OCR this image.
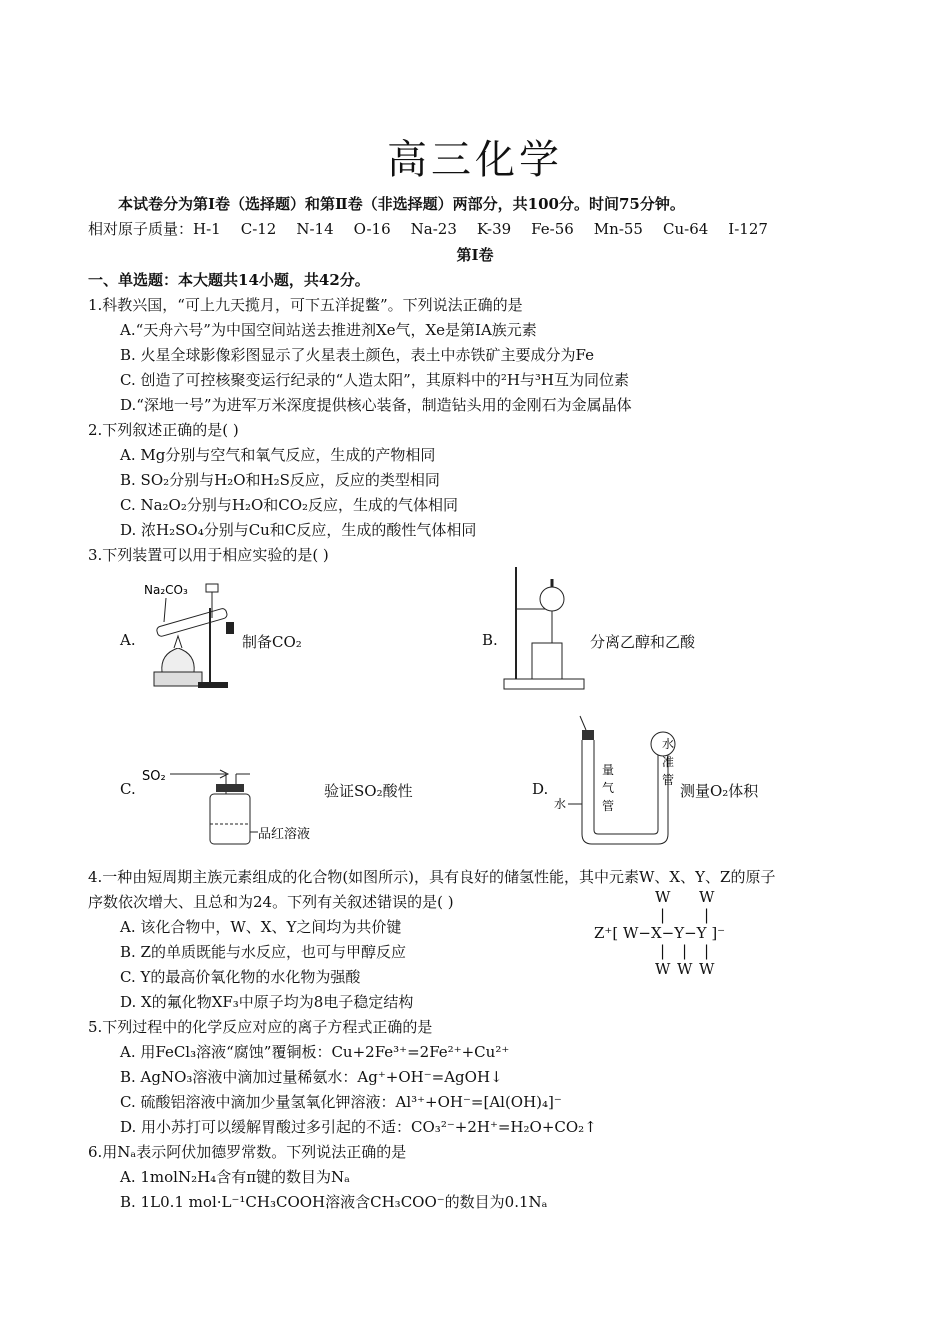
高三化学
本试卷分为第Ⅰ卷（选择题）和第Ⅱ卷（非选择题）两部分，共100分。时间75分钟。
相对原子质量：H-1 C-12 N-14 O-16 Na-23 K-39 Fe-56 Mn-55 Cu-64 I-127
第Ⅰ卷
一、单选题：本大题共14小题，共42分。
1.科教兴国，“可上九天揽月，可下五洋捉鳖”。下列说法正确的是
A.“天舟六号”为中国空间站送去推进剂Xe气，Xe是第ⅠA族元素
B. 火星全球影像彩图显示了火星表土颜色，表土中赤铁矿主要成分为Fe
C. 创造了可控核聚变运行纪录的“人造太阳”，其原料中的²H与³H互为同位素
D.“深地一号”为进军万米深度提供核心装备，制造钻头用的金刚石为金属晶体
2.下列叙述正确的是( )
A. Mg分别与空气和氧气反应，生成的产物相同
B. SO₂分别与H₂O和H₂S反应，反应的类型相同
C. Na₂O₂分别与H₂O和CO₂反应，生成的气体相同
D. 浓H₂SO₄分别与Cu和C反应，生成的酸性气体相同
3.下列装置可以用于相应实验的是( )
A.
Na₂CO₃
制备CO₂	B.	分离乙醇和乙酸
C.
SO₂
品红溶液
验证SO₂酸性	D.
水
量
气
管
水
准
管
测量O₂体积
4.一种由短周期主族元素组成的化合物(如图所示)，具有良好的储氢性能，其中元素W、X、Y、Z的原子
序数依次增大、且总和为24。下列有关叙述错误的是( )
A. 该化合物中，W、X、Y之间均为共价键
B. Z的单质既能与水反应，也可与甲醇反应
C. Y的最高价氧化物的水化物为强酸
D. X的氟化物XF₃中原子均为8电子稳定结构
W W
|	|
Z⁺[ W−X−Y−Y ]⁻
| | |
W W W
5.下列过程中的化学反应对应的离子方程式正确的是
A. 用FeCl₃溶液“腐蚀”覆铜板：Cu+2Fe³⁺=2Fe²⁺+Cu²⁺
B. AgNO₃溶液中滴加过量稀氨水：Ag⁺+OH⁻=AgOH↓
C. 硫酸铝溶液中滴加少量氢氧化钾溶液：Al³⁺+OH⁻=[Al(OH)₄]⁻
D. 用小苏打可以缓解胃酸过多引起的不适：CO₃²⁻+2H⁺=H₂O+CO₂↑
6.用Nₐ表示阿伏加德罗常数。下列说法正确的是
A. 1molN₂H₄含有π键的数目为Nₐ
B. 1L0.1 mol·L⁻¹CH₃COOH溶液含CH₃COO⁻的数目为0.1Nₐ
